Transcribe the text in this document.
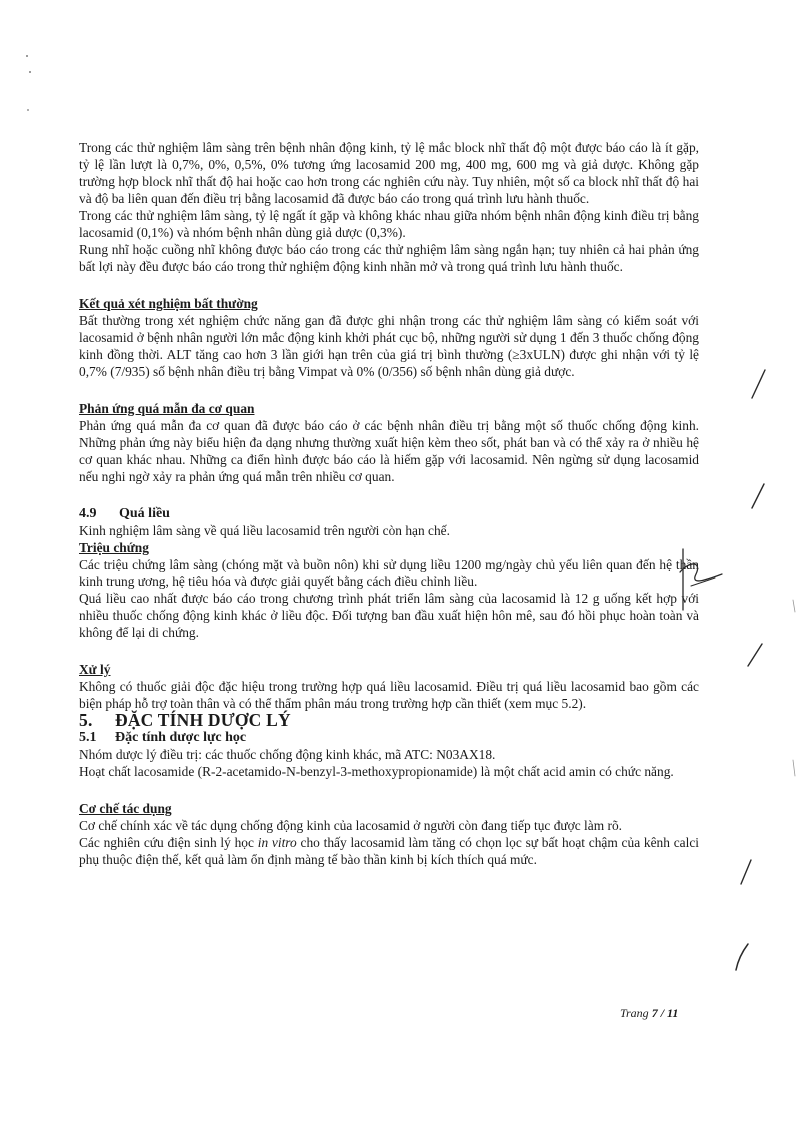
Trong các thử nghiệm lâm sàng trên bệnh nhân động kinh, tỷ lệ mắc block nhĩ thất độ một được báo cáo là ít gặp, tỷ lệ lần lượt là 0,7%, 0%, 0,5%, 0% tương ứng lacosamid 200 mg, 400 mg, 600 mg và giả dược. Không gặp trường hợp block nhĩ thất độ hai hoặc cao hơn trong các nghiên cứu này. Tuy nhiên, một số ca block nhĩ thất độ hai và độ ba liên quan đến điều trị bằng lacosamid đã được báo cáo trong quá trình lưu hành thuốc.

Trong các thử nghiệm lâm sàng, tỷ lệ ngất ít gặp và không khác nhau giữa nhóm bệnh nhân động kinh điều trị bằng lacosamid (0,1%) và nhóm bệnh nhân dùng giả dược (0,3%).

Rung nhĩ hoặc cuồng nhĩ không được báo cáo trong các thử nghiệm lâm sàng ngắn hạn; tuy nhiên cả hai phản ứng bất lợi này đều được báo cáo trong thử nghiệm động kinh nhãn mở và trong quá trình lưu hành thuốc.

Kết quả xét nghiệm bất thường

Bất thường trong xét nghiệm chức năng gan đã được ghi nhận trong các thử nghiệm lâm sàng có kiểm soát với lacosamid ở bệnh nhân người lớn mắc động kinh khởi phát cục bộ, những người sử dụng 1 đến 3 thuốc chống động kinh đồng thời. ALT tăng cao hơn 3 lần giới hạn trên của giá trị bình thường (≥3xULN) được ghi nhận với tỷ lệ 0,7% (7/935) số bệnh nhân điều trị bằng Vimpat và 0% (0/356) số bệnh nhân dùng giả dược.

Phản ứng quá mẫn đa cơ quan

Phản ứng quá mẫn đa cơ quan đã được báo cáo ở các bệnh nhân điều trị bằng một số thuốc chống động kinh. Những phản ứng này biểu hiện đa dạng nhưng thường xuất hiện kèm theo sốt, phát ban và có thể xảy ra ở nhiều hệ cơ quan khác nhau. Những ca điển hình được báo cáo là hiếm gặp với lacosamid. Nên ngừng sử dụng lacosamid nếu nghi ngờ xảy ra phản ứng quá mẫn trên nhiều cơ quan.

4.9 Quá liều

Kinh nghiệm lâm sàng về quá liều lacosamid trên người còn hạn chế.

Triệu chứng

Các triệu chứng lâm sàng (chóng mặt và buồn nôn) khi sử dụng liều 1200 mg/ngày chủ yếu liên quan đến hệ thần kinh trung ương, hệ tiêu hóa và được giải quyết bằng cách điều chỉnh liều.

Quá liều cao nhất được báo cáo trong chương trình phát triển lâm sàng của lacosamid là 12 g uống kết hợp với nhiều thuốc chống động kinh khác ở liều độc. Đối tượng ban đầu xuất hiện hôn mê, sau đó hồi phục hoàn toàn và không để lại di chứng.

Xử lý

Không có thuốc giải độc đặc hiệu trong trường hợp quá liều lacosamid. Điều trị quá liều lacosamid bao gồm các biện pháp hỗ trợ toàn thân và có thể thẩm phân máu trong trường hợp cần thiết (xem mục 5.2).

5. ĐẶC TÍNH DƯỢC LÝ

5.1 Đặc tính dược lực học

Nhóm dược lý điều trị: các thuốc chống động kinh khác, mã ATC: N03AX18.

Hoạt chất lacosamide (R-2-acetamido-N-benzyl-3-methoxypropionamide) là một chất acid amin có chức năng.

Cơ chế tác dụng

Cơ chế chính xác về tác dụng chống động kinh của lacosamid ở người còn đang tiếp tục được làm rõ.

Các nghiên cứu điện sinh lý học in vitro cho thấy lacosamid làm tăng có chọn lọc sự bất hoạt chậm của kênh calci phụ thuộc điện thế, kết quả làm ổn định màng tế bào thần kinh bị kích thích quá mức.

Trang 7 / 11
